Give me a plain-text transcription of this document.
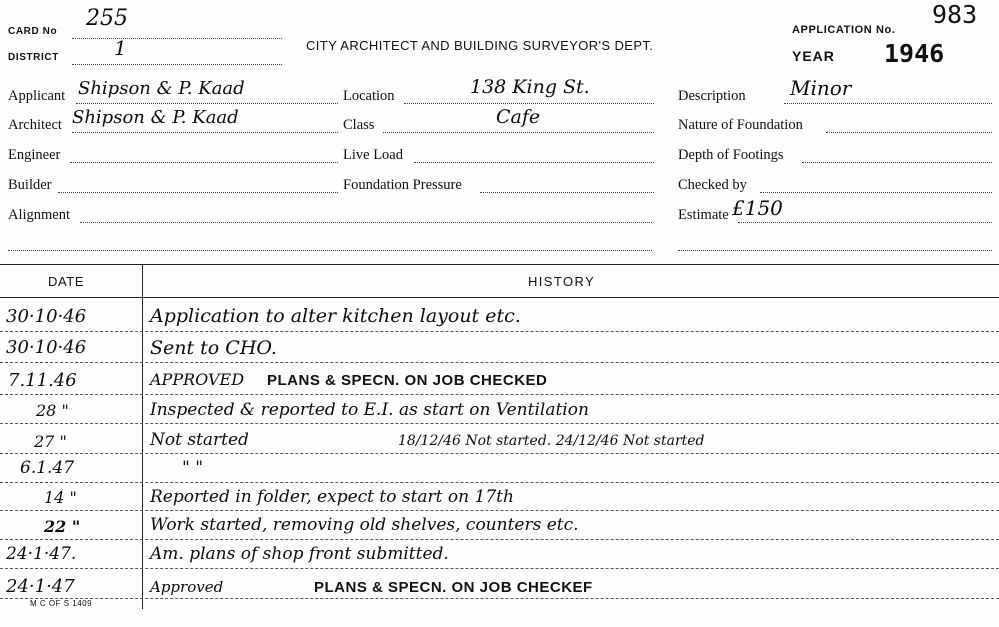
CARD No
255
DISTRICT	1	CITY ARCHITECT AND BUILDING SURVEYOR'S DEPT.
APPLICATION No.
983
YEAR 1946
Applicant Shipson & P. Kaad
Architect Shipson & P. Kaad
Engineer
Builder
Alignment
Location	138 King St.
Class	Cafe
Live Load
Foundation Pressure
Description Minor
Nature of Foundation
Depth of Footings
Checked by
Estimate £150
DATE	HISTORY
30·10·46	Application to alter kitchen layout etc.
30·10·46	Sent to CHO.
7.11.46	APPROVED PLANS & SPECN. ON JOB CHECKED
28 "	Inspected & reported to E.I. as start on Ventilation
27 "	Not started	18/12/46 Not started. 24/12/46 Not started
6.1.47	" "
14 "	Reported in folder, expect to start on 17th
22 "	Work started, removing old shelves, counters etc.
24·1·47.	Am. plans of shop front submitted.
24·1·47	Approved	PLANS & SPECN. ON JOB CHECKEF
M C OF S 1409
